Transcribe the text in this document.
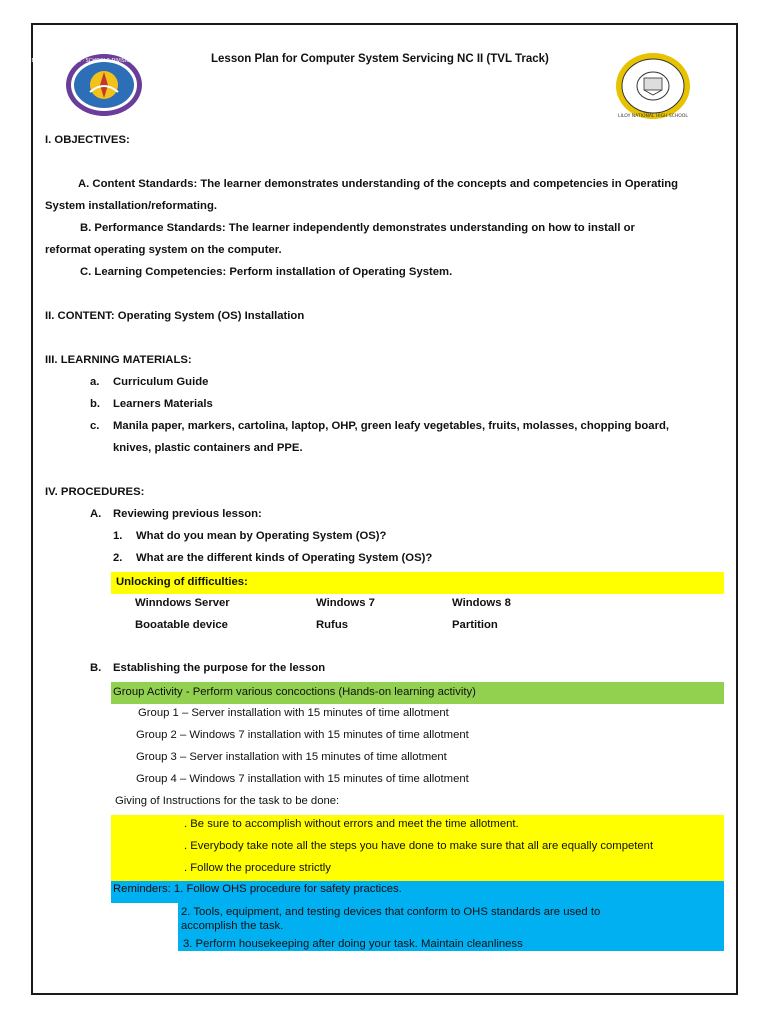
DEPARTMENT OF EDUCATION · SCHOOLS DIVISION OF ZAMBOANGA SIBUGAY
LILOY NATIONAL HIGH SCHOOL
Lesson Plan for Computer System Servicing NC II (TVL Track)
I. OBJECTIVES:
A. Content Standards: The learner demonstrates understanding of the concepts and competencies in Operating
System installation/reformating.
B. Performance Standards: The learner independently demonstrates understanding on how to install or
reformat operating system on the computer.
C. Learning Competencies: Perform installation of Operating System.
II. CONTENT: Operating System (OS) Installation
III. LEARNING MATERIALS:
a. Curriculum Guide
b. Learners Materials
c. Manila paper, markers, cartolina, laptop, OHP, green leafy vegetables, fruits, molasses, chopping board,
knives, plastic containers and PPE.
IV. PROCEDURES:
A. Reviewing previous lesson:
1. What do you mean by Operating System (OS)?
2. What are the different kinds of Operating System (OS)?
Unlocking of difficulties:
Winndows Server	Windows 7	Windows 8
Booatable device	Rufus	Partition
B. Establishing the purpose for the lesson
Group Activity - Perform various concoctions (Hands-on learning activity)
Group 1 – Server installation with 15 minutes of time allotment
Group 2 – Windows 7 installation with 15 minutes of time allotment
Group 3 – Server installation with 15 minutes of time allotment
Group 4 – Windows 7 installation with 15 minutes of time allotment
Giving of Instructions for the task to be done:
. Be sure to accomplish without errors and meet the time allotment.
. Everybody take note all the steps you have done to make sure that all are equally competent
. Follow the procedure strictly
Reminders: 1. Follow OHS procedure for safety practices.
2. Tools, equipment, and testing devices that conform to OHS standards are used to
accomplish the task.
3. Perform housekeeping after doing your task. Maintain cleanliness
